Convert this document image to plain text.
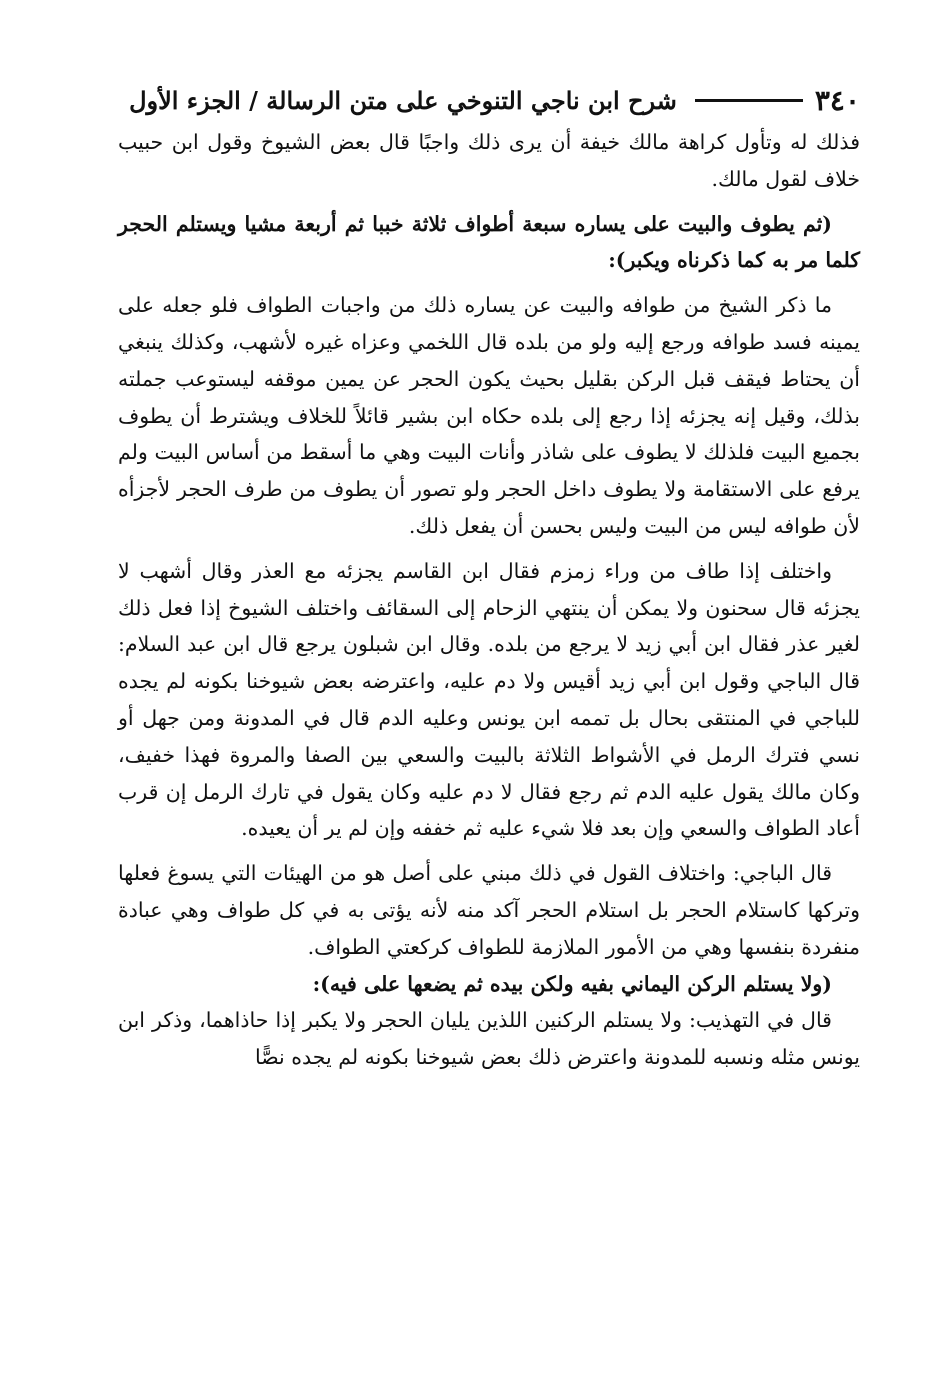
٣٤٠
شرح ابن ناجي التنوخي على متن الرسالة / الجزء الأول

فذلك له وتأول كراهة مالك خيفة أن يرى ذلك واجبًا قال بعض الشيوخ وقول ابن حبيب خلاف لقول مالك.

(ثم يطوف والبيت على يساره سبعة أطواف ثلاثة خببا ثم أربعة مشيا ويستلم الحجر كلما مر به كما ذكرناه ويكبر):

ما ذكر الشيخ من طوافه والبيت عن يساره ذلك من واجبات الطواف فلو جعله على يمينه فسد طوافه ورجع إليه ولو من بلده قال اللخمي وعزاه غيره لأشهب، وكذلك ينبغي أن يحتاط فيقف قبل الركن بقليل بحيث يكون الحجر عن يمين موقفه ليستوعب جملته بذلك، وقيل إنه يجزئه إذا رجع إلى بلده حكاه ابن بشير قائلاً للخلاف ويشترط أن يطوف بجميع البيت فلذلك لا يطوف على شاذر وأنات البيت وهي ما أسقط من أساس البيت ولم يرفع على الاستقامة ولا يطوف داخل الحجر ولو تصور أن يطوف من طرف الحجر لأجزأه لأن طوافه ليس من البيت وليس بحسن أن يفعل ذلك.

واختلف إذا طاف من وراء زمزم فقال ابن القاسم يجزئه مع العذر وقال أشهب لا يجزئه قال سحنون ولا يمكن أن ينتهي الزحام إلى السقائف واختلف الشيوخ إذا فعل ذلك لغير عذر فقال ابن أبي زيد لا يرجع من بلده. وقال ابن شبلون يرجع قال ابن عبد السلام: قال الباجي وقول ابن أبي زيد أقيس ولا دم عليه، واعترضه بعض شيوخنا بكونه لم يجده للباجي في المنتقى بحال بل تممه ابن يونس وعليه الدم قال في المدونة ومن جهل أو نسي فترك الرمل في الأشواط الثلاثة بالبيت والسعي بين الصفا والمروة فهذا خفيف، وكان مالك يقول عليه الدم ثم رجع فقال لا دم عليه وكان يقول في تارك الرمل إن قرب أعاد الطواف والسعي وإن بعد فلا شيء عليه ثم خففه وإن لم ير أن يعيده.

قال الباجي: واختلاف القول في ذلك مبني على أصل هو من الهيئات التي يسوغ فعلها وتركها كاستلام الحجر بل استلام الحجر آكد منه لأنه يؤتى به في كل طواف وهي عبادة منفردة بنفسها وهي من الأمور الملازمة للطواف كركعتي الطواف.

(ولا يستلم الركن اليماني بفيه ولكن بيده ثم يضعها على فيه):

قال في التهذيب: ولا يستلم الركنين اللذين يليان الحجر ولا يكبر إذا حاذاهما، وذكر ابن يونس مثله ونسبه للمدونة واعترض ذلك بعض شيوخنا بكونه لم يجده نصًّا
